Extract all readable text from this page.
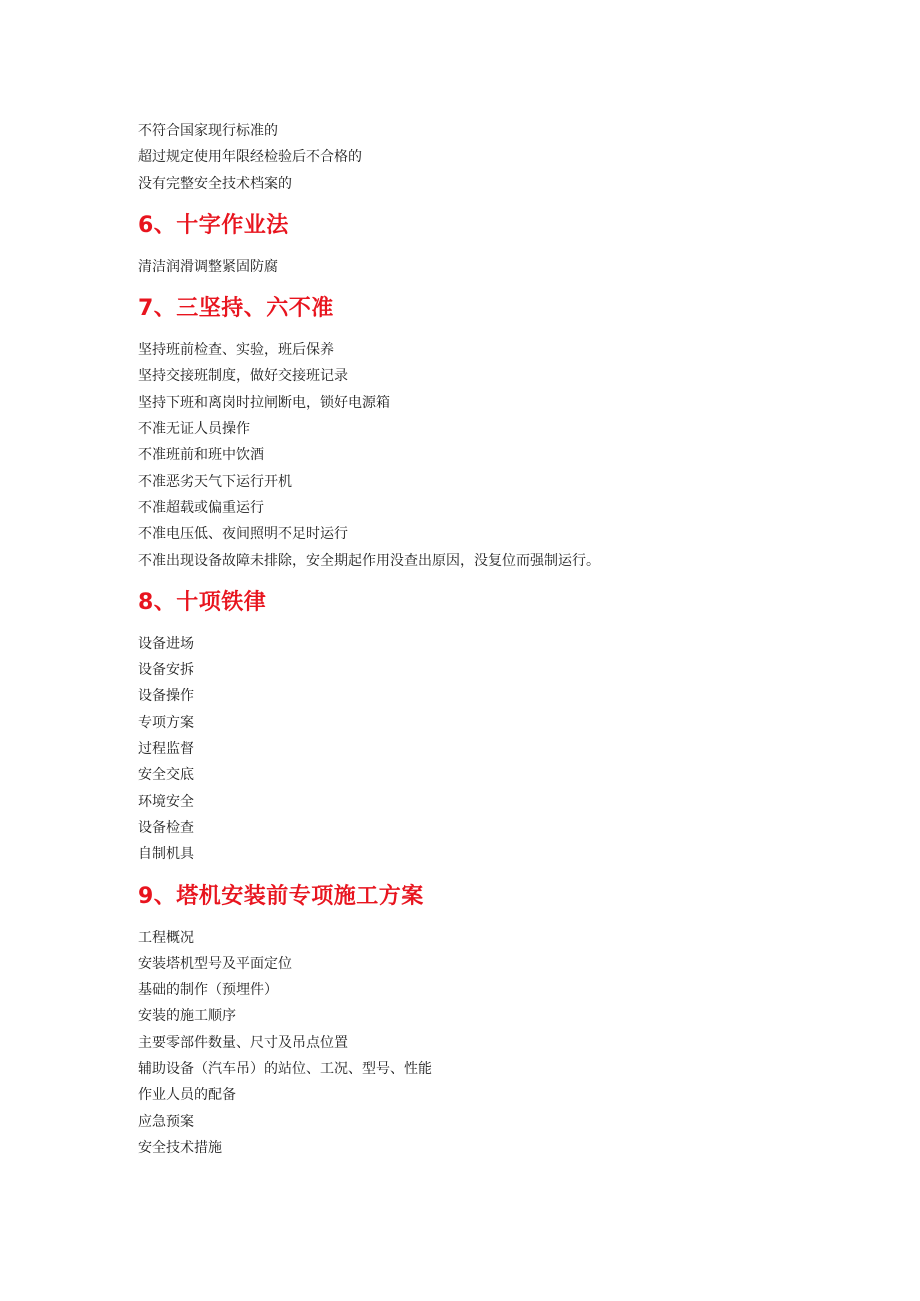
不符合国家现行标准的
超过规定使用年限经检验后不合格的
没有完整安全技术档案的
6、十字作业法
清洁润滑调整紧固防腐
7、三坚持、六不准
坚持班前检查、实验，班后保养
坚持交接班制度，做好交接班记录
坚持下班和离岗时拉闸断电，锁好电源箱
不准无证人员操作
不准班前和班中饮酒
不准恶劣天气下运行开机
不准超载或偏重运行
不准电压低、夜间照明不足时运行
不准出现设备故障未排除，安全期起作用没查出原因，没复位而强制运行。
8、十项铁律
设备进场
设备安拆
设备操作
专项方案
过程监督
安全交底
环境安全
设备检查
自制机具
9、塔机安装前专项施工方案
工程概况
安装塔机型号及平面定位
基础的制作（预埋件）
安装的施工顺序
主要零部件数量、尺寸及吊点位置
辅助设备（汽车吊）的站位、工况、型号、性能
作业人员的配备
应急预案
安全技术措施
